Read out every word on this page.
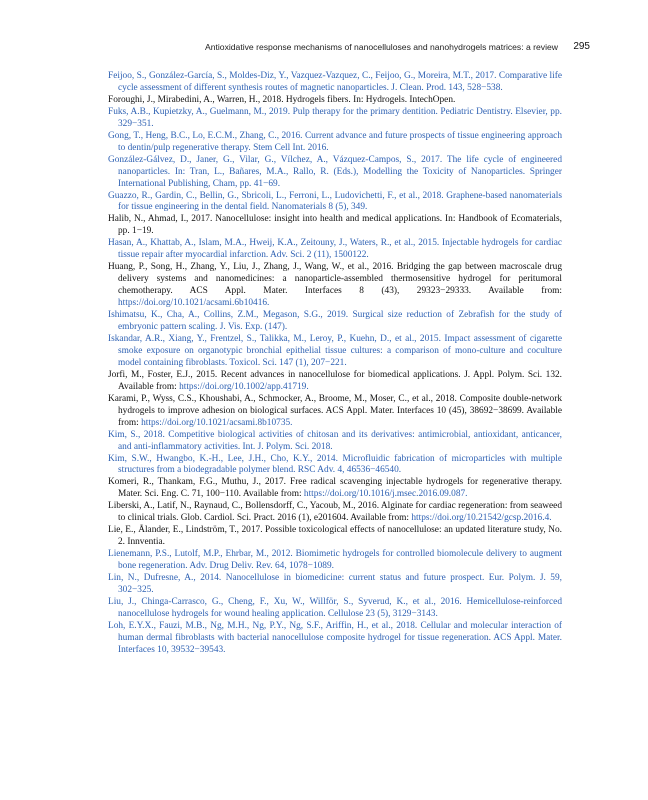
Antioxidative response mechanisms of nanocelluloses and nanohydrogels matrices: a review 295

Feijoo, S., González-García, S., Moldes-Diz, Y., Vazquez-Vazquez, C., Feijoo, G., Moreira, M.T., 2017. Comparative life cycle assessment of different synthesis routes of magnetic nanoparticles. J. Clean. Prod. 143, 528−538.

Foroughi, J., Mirabedini, A., Warren, H., 2018. Hydrogels fibers. In: Hydrogels. IntechOpen.

Fuks, A.B., Kupietzky, A., Guelmann, M., 2019. Pulp therapy for the primary dentition. Pediatric Dentistry. Elsevier, pp. 329−351.

Gong, T., Heng, B.C., Lo, E.C.M., Zhang, C., 2016. Current advance and future prospects of tissue engineering approach to dentin/pulp regenerative therapy. Stem Cell Int. 2016.

González-Gálvez, D., Janer, G., Vilar, G., Vílchez, A., Vázquez-Campos, S., 2017. The life cycle of engineered nanoparticles. In: Tran, L., Bañares, M.A., Rallo, R. (Eds.), Modelling the Toxicity of Nanoparticles. Springer International Publishing, Cham, pp. 41−69.

Guazzo, R., Gardin, C., Bellin, G., Sbricoli, L., Ferroni, L., Ludovichetti, F., et al., 2018. Graphene-based nanomaterials for tissue engineering in the dental field. Nanomaterials 8 (5), 349.

Halib, N., Ahmad, I., 2017. Nanocellulose: insight into health and medical applications. In: Handbook of Ecomaterials, pp. 1−19.

Hasan, A., Khattab, A., Islam, M.A., Hweij, K.A., Zeitouny, J., Waters, R., et al., 2015. Injectable hydrogels for cardiac tissue repair after myocardial infarction. Adv. Sci. 2 (11), 1500122.

Huang, P., Song, H., Zhang, Y., Liu, J., Zhang, J., Wang, W., et al., 2016. Bridging the gap between macroscale drug delivery systems and nanomedicines: a nanoparticle-assembled thermosensitive hydrogel for peritumoral chemotherapy. ACS Appl. Mater. Interfaces 8 (43), 29323−29333. Available from: https://doi.org/10.1021/acsami.6b10416.

Ishimatsu, K., Cha, A., Collins, Z.M., Megason, S.G., 2019. Surgical size reduction of Zebrafish for the study of embryonic pattern scaling. J. Vis. Exp. (147).

Iskandar, A.R., Xiang, Y., Frentzel, S., Talikka, M., Leroy, P., Kuehn, D., et al., 2015. Impact assessment of cigarette smoke exposure on organotypic bronchial epithelial tissue cultures: a comparison of mono-culture and coculture model containing fibroblasts. Toxicol. Sci. 147 (1), 207−221.

Jorfi, M., Foster, E.J., 2015. Recent advances in nanocellulose for biomedical applications. J. Appl. Polym. Sci. 132. Available from: https://doi.org/10.1002/app.41719.

Karami, P., Wyss, C.S., Khoushabi, A., Schmocker, A., Broome, M., Moser, C., et al., 2018. Composite double-network hydrogels to improve adhesion on biological surfaces. ACS Appl. Mater. Interfaces 10 (45), 38692−38699. Available from: https://doi.org/10.1021/acsami.8b10735.

Kim, S., 2018. Competitive biological activities of chitosan and its derivatives: antimicrobial, antioxidant, anticancer, and anti-inflammatory activities. Int. J. Polym. Sci. 2018.

Kim, S.W., Hwangbo, K.-H., Lee, J.H., Cho, K.Y., 2014. Microfluidic fabrication of microparticles with multiple structures from a biodegradable polymer blend. RSC Adv. 4, 46536−46540.

Komeri, R., Thankam, F.G., Muthu, J., 2017. Free radical scavenging injectable hydrogels for regenerative therapy. Mater. Sci. Eng. C. 71, 100−110. Available from: https://doi.org/10.1016/j.msec.2016.09.087.

Liberski, A., Latif, N., Raynaud, C., Bollensdorff, C., Yacoub, M., 2016. Alginate for cardiac regeneration: from seaweed to clinical trials. Glob. Cardiol. Sci. Pract. 2016 (1), e201604. Available from: https://doi.org/10.21542/gcsp.2016.4.

Lie, E., Ålander, E., Lindström, T., 2017. Possible toxicological effects of nanocellulose: an updated literature study, No. 2. Innventia.

Lienemann, P.S., Lutolf, M.P., Ehrbar, M., 2012. Biomimetic hydrogels for controlled biomolecule delivery to augment bone regeneration. Adv. Drug Deliv. Rev. 64, 1078−1089.

Lin, N., Dufresne, A., 2014. Nanocellulose in biomedicine: current status and future prospect. Eur. Polym. J. 59, 302−325.

Liu, J., Chinga-Carrasco, G., Cheng, F., Xu, W., Willför, S., Syverud, K., et al., 2016. Hemicellulose-reinforced nanocellulose hydrogels for wound healing application. Cellulose 23 (5), 3129−3143.

Loh, E.Y.X., Fauzi, M.B., Ng, M.H., Ng, P.Y., Ng, S.F., Ariffin, H., et al., 2018. Cellular and molecular interaction of human dermal fibroblasts with bacterial nanocellulose composite hydrogel for tissue regeneration. ACS Appl. Mater. Interfaces 10, 39532−39543.
